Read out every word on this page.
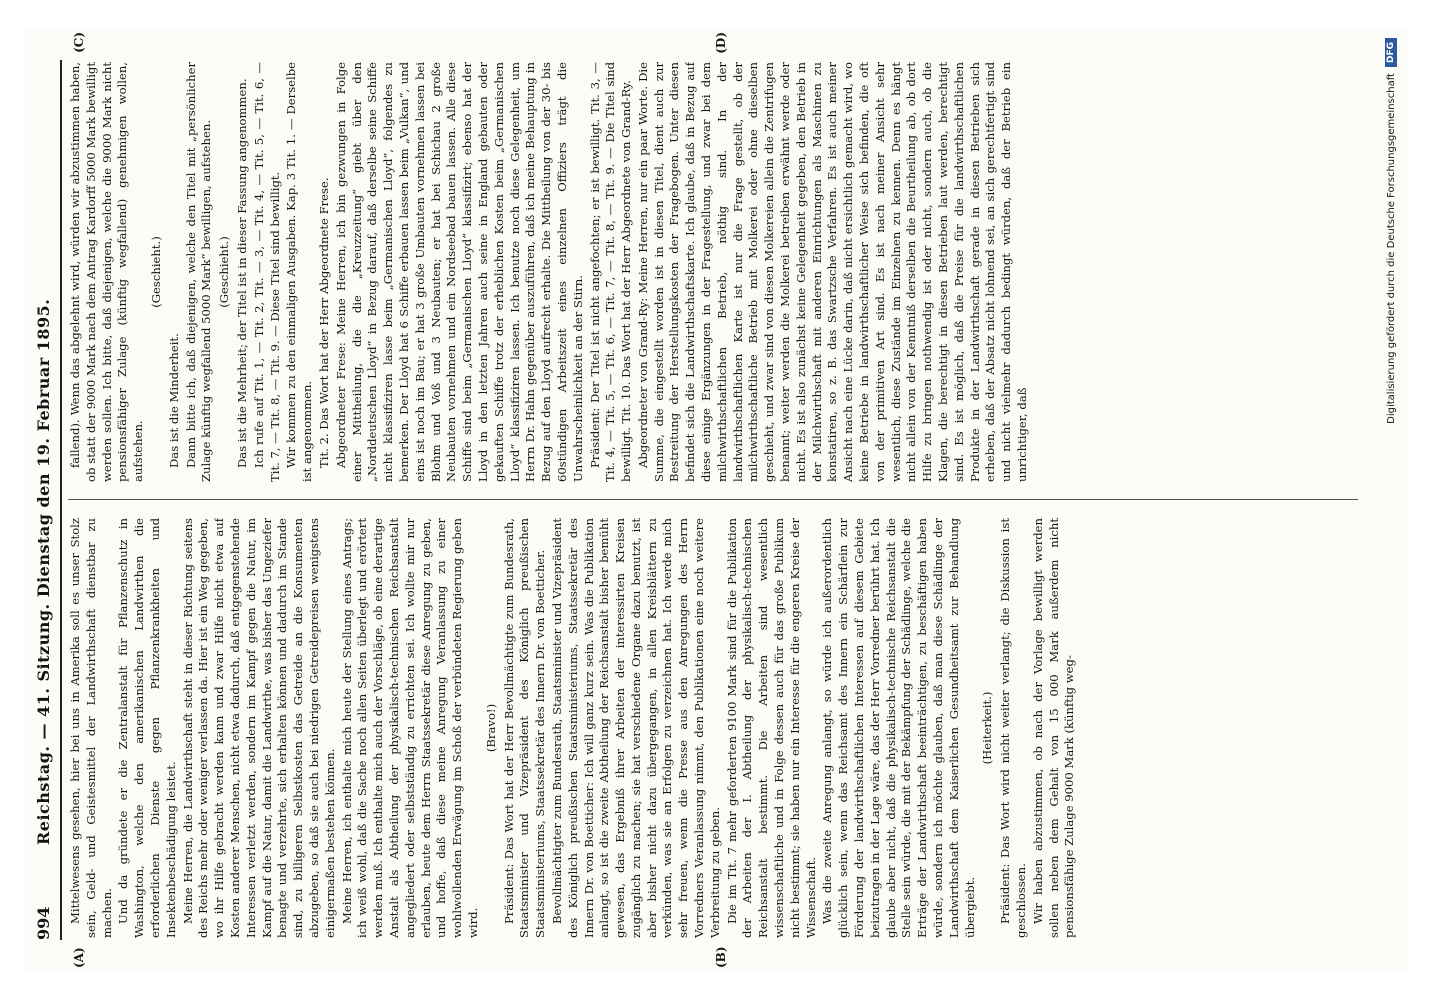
994
Reichstag. — 41. Sitzung. Dienstag den 19. Februar 1895. Mittelwesens gesehen, hier bei uns in Amerika soll es unser Stolz sein, Geld- und Geistesmittel der Landwirthschaft dienstbar zu machen. Und da gründete er die Zentralanstalt für Pflanzenschutz in Washington, welche den amerikanischen Landwirthen die erforderlichen Dienste gegen Pflanzenkrankheiten und Insektenbeschädigung leistet. Meine Herren, die Landwirthschaft steht in dieser Richtung seitens des Reichs mehr oder weniger verlassen da. Hier ist ein Weg gegeben, wo ihr Hilfe gebracht werden kann und zwar Hilfe nicht etwa auf Kosten anderer Menschen, nicht etwa dadurch, daß entgegenstehende Interessen verletzt werden, sondern im Kampf gegen die Natur, im Kampf auf die Natur, damit die Landwirthe, was bisher das Ungeziefer benagte und verzehrte, sich erhalten können und dadurch im Stande sind, zu billigeren Selbstkosten das Getreide an die Konsumenten abzugeben, so daß sie auch bei niedrigen Getreidepreisen wenigstens einigermaßen bestehen können. Meine Herren, ich enthalte mich heute der Stellung eines Antrags; ich weiß wohl, daß die Sache noch allen Seiten überlegt und erörtert werden muß. Ich enthalte mich auch der Vorschläge, ob eine derartige Anstalt als Abtheilung der physikalisch-technischen Reichsanstalt angegliedert oder selbstständig zu errichten sei. Ich wollte mir nur erlauben, heute dem Herrn Staatssekretär diese Anregung zu geben, und hoffe, daß diese meine Anregung Veranlassung zu einer wohlwollenden Erwägung im Schoß der verbündeten Regierung geben wird.

(Bravo!) Präsident: Das Wort hat der Herr Bevollmächtigte zum Bundesrath, Staatsminister und Vizepräsident des Königlich preußischen Staatsministeriums, Staatssekretär des Innern Dr. von Boetticher. Bevollmächtigter zum Bundesrath, Staatsminister und Vizepräsident des Königlich preußischen Staatsministeriums, Staatssekretär des Innern Dr. von Boetticher: Ich will ganz kurz sein. Was die Publikation anlangt, so ist die zweite Abtheilung der Reichsanstalt bisher bemüht gewesen, das Ergebniß ihrer Arbeiten der interessirten Kreisen zugänglich zu machen; sie hat verschiedene Organe dazu benutzt, ist aber bisher nicht dazu übergegangen, in allen Kreisblättern zu verkünden, was sie an Erfolgen zu verzeichnen hat. Ich werde mich sehr freuen, wenn die Presse aus den Anregungen des Herrn Vorredners Veranlassung nimmt, den Publikationen eine noch weitere Verbreitung zu geben. Die im Tit. 7 mehr geforderten 9100 Mark sind für die Publikation der Arbeiten der I. Abtheilung der physikalisch-technischen Reichsanstalt bestimmt. Die Arbeiten sind wesentlich wissenschaftliche und in Folge dessen auch für das große Publikum nicht bestimmt; sie haben nur ein Interesse für die engeren Kreise der Wissenschaft. Was die zweite Anregung anlangt, so würde ich außerordentlich glücklich sein, wenn das Reichsamt des Innern ein Schärflein zur Förderung der landwirthschaftlichen Interessen auf diesem Gebiete beizutragen in der Lage wäre, das der Herr Vorredner berührt hat. Ich glaube aber nicht, daß die physikalisch-technische Reichsanstalt die Stelle sein würde, die mit der Bekämpfung der Schädlinge, welche die Erträge der Landwirthschaft beeinträchtigen, zu beschäftigen haben würde, sondern ich möchte glauben, daß man diese Schädlinge der Landwirthschaft dem Kaiserlichen Gesundheitsamt zur Behandlung übergiebt.

(Heiterkeit.) Präsident: Das Wort wird nicht weiter verlangt; die Diskussion ist geschlossen. Wir haben abzustimmen, ob nach der Vorlage bewilligt werden sollen neben dem Gehalt von 15 000 Mark außerdem nicht pensionsfähige Zulage 9000 Mark (künftig weg-

fallend). Wenn das abgelehnt wird, würden wir abzustimmen haben, ob statt der 9000 Mark nach dem Antrag Kardorff 5000 Mark bewilligt werden sollen. Ich bitte, daß diejenigen, welche die 9000 Mark nicht pensionsfähiger Zulage (künftig wegfallend) genehmigen wollen, aufstehen.

(Geschieht.)

Das ist die Minderheit. Dann bitte ich, daß diejenigen, welche den Titel mit „persönlicher Zulage künftig wegfallend 5000 Mark“ bewilligen, aufstehen. (Geschieht.) Das ist die Mehrheit; der Titel ist in dieser Fassung angenommen. Ich rufe auf Tit. 1, — Tit. 2, Tit. — 3, — Tit. 4, — Tit. 5, — Tit. 6, — Tit. 7, — Tit. 8, — Tit. 9. — Diese Titel sind bewilligt. Wir kommen zu den einmaligen Ausgaben. Kap. 3 Tit. 1. — Derselbe ist angenommen. Tit. 2. Das Wort hat der Herr Abgeordnete Frese. Abgeordneter Frese: Meine Herren, ich bin gezwungen in Folge einer Mittheilung, die die „Kreuzzeitung“ giebt über den „Norddeutschen Lloyd“ in Bezug darauf, daß derselbe seine Schiffe nicht klassifiziren lasse beim „Germanischen Lloyd“, folgendes zu bemerken. Der Lloyd hat 6 Schiffe erbauen lassen beim „Vulkan“, und eins ist noch im Bau; er hat 3 große Umbauten vornehmen lassen bei Blohm und Voß und 3 Neubauten; er hat bei Schichau 2 große Neubauten vornehmen und ein Nordseebad bauen lassen. Alle diese Schiffe sind beim „Germanischen Lloyd“ klassifizirt; ebenso hat der Lloyd in den letzten Jahren auch seine in England gebauten oder gekauften Schiffe trotz der erheblichen Kosten beim „Germanischen Lloyd“ klassifiziren lassen. Ich benutze noch diese Gelegenheit, um Herrn Dr. Hahn gegenüber auszuführen, daß ich meine Behauptung in Bezug auf den Lloyd aufrecht erhalte. Die Mittheilung von der 30- bis 60stündigen Arbeitszeit eines einzelnen Offiziers trägt die Unwahrscheinlichkeit an der Stirn. Präsident: Der Titel ist nicht angefochten; er ist bewilligt. Tit. 3, — Tit. 4, — Tit. 5, — Tit. 6, — Tit. 7, — Tit. 8, — Tit. 9. — Die Titel sind bewilligt. Tit. 10. Das Wort hat der Herr Abgeordnete von Grand-Ry. Abgeordneter von Grand-Ry: Meine Herren, nur ein paar Worte. Die Summe, die eingestellt worden ist in diesen Titel, dient auch zur Bestreitung der Herstellungskosten der Fragebogen. Unter diesen befindet sich die Landwirthschaftskarte. Ich glaube, daß in Bezug auf diese einige Ergänzungen in der Fragestellung, und zwar bei dem milchwirthschaftlichen Betrieb, nöthig sind. In der landwirthschaftlichen Karte ist nur die Frage gestellt, ob der milchwirthschaftliche Betrieb mit Molkerei oder ohne dieselben geschieht, und zwar sind von diesen Molkereien allein die Zentrifugen benannt; weiter werden die Molkerei betreiben erwähnt werde oder nicht. Es ist also zunächst keine Gelegenheit gegeben, den Betrieb in der Milchwirthschaft mit anderen Einrichtungen als Maschinen zu konstatiren, so z. B. das Swartzsche Verfahren. Es ist auch meiner Ansicht nach eine Lücke darin, daß nicht ersichtlich gemacht wird, wo keine Betriebe in landwirthschaftlicher Weise sich befinden, die oft von der primitiven Art sind. Es ist nach meiner Ansicht sehr wesentlich, diese Zustände im Einzelnen zu kennen. Denn es hängt nicht allein von der Kenntniß derselben die Beurtheilung ab, ob dort Hilfe zu bringen nothwendig ist oder nicht, sondern auch, ob die Klagen, die berechtigt in diesen Betrieben laut werden, berechtigt sind. Es ist möglich, daß die Preise für die landwirthschaftlichen Produkte in der Landwirthschaft gerade in diesen Betrieben sich erheben, daß der Absatz nicht lohnend sei, an sich gerechtfertigt sind und nicht vielmehr dadurch bedingt würden, daß der Betrieb ein unrichtiger, daß

(A)	(B)
(C)	(D)
Digitalisierung gefördert durch die Deutsche Forschungsgemeinschaft
DFG
